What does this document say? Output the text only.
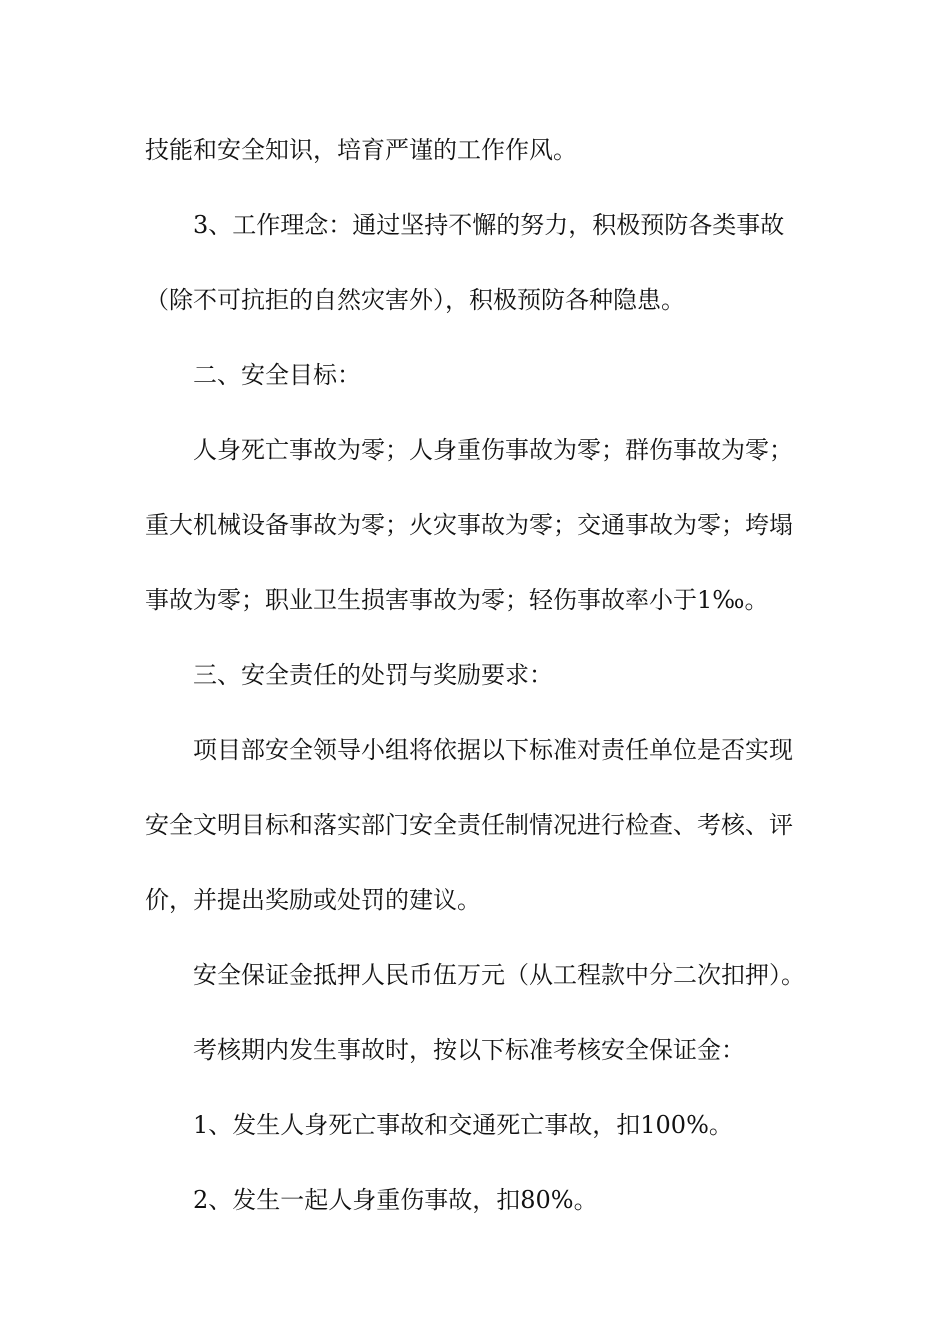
技能和安全知识，培育严谨的工作作风。
3、工作理念：通过坚持不懈的努力，积极预防各类事故
（除不可抗拒的自然灾害外），积极预防各种隐患。
二、安全目标：
人身死亡事故为零；人身重伤事故为零；群伤事故为零；
重大机械设备事故为零；火灾事故为零；交通事故为零；垮塌
事故为零；职业卫生损害事故为零；轻伤事故率小于1‰。
三、安全责任的处罚与奖励要求：
项目部安全领导小组将依据以下标准对责任单位是否实现
安全文明目标和落实部门安全责任制情况进行检查、考核、评
价，并提出奖励或处罚的建议。
安全保证金抵押人民币伍万元（从工程款中分二次扣押）。
考核期内发生事故时，按以下标准考核安全保证金：
1、发生人身死亡事故和交通死亡事故，扣100%。
2、发生一起人身重伤事故，扣80%。
